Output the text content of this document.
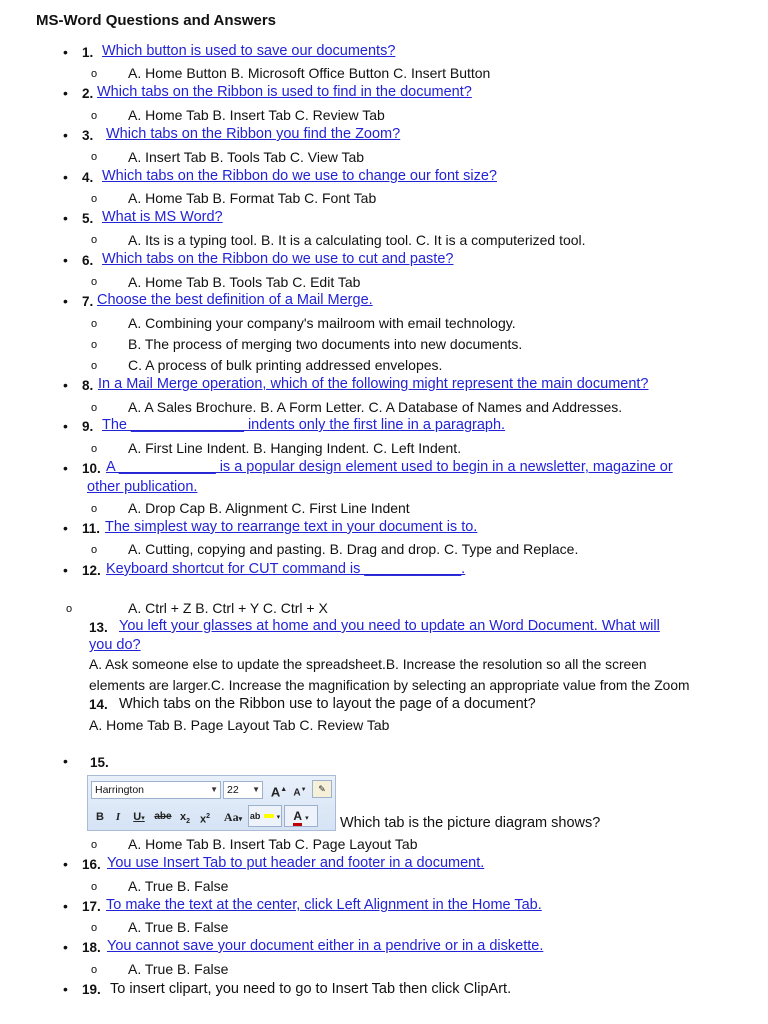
MS-Word Questions and Answers
• 1. Which button is used to save our documents?
o A. Home Button B. Microsoft Office Button C. Insert Button
• 2. Which tabs on the Ribbon is used to find in the document?
o A. Home Tab B. Insert Tab C. Review Tab
• 3. Which tabs on the Ribbon you find the Zoom?
o A. Insert Tab B. Tools Tab C. View Tab
• 4. Which tabs on the Ribbon do we use to change our font size?
o A. Home Tab B. Format Tab C. Font Tab
• 5. What is MS Word?
o A. Its is a typing tool. B. It is a calculating tool. C. It is a computerized tool.
• 6. Which tabs on the Ribbon do we use to cut and paste?
o A. Home Tab B. Tools Tab C. Edit Tab
• 7. Choose the best definition of a Mail Merge.
o A. Combining your company's mailroom with email technology.
o B. The process of merging two documents into new documents.
o C. A process of bulk printing addressed envelopes.
• 8. In a Mail Merge operation, which of the following might represent the main document?
o A. A Sales Brochure. B. A Form Letter. C. A Database of Names and Addresses.
• 9. The ______________ indents only the first line in a paragraph.
o A. First Line Indent. B. Hanging Indent. C. Left Indent.
• 10. A ____________ is a popular design element used to begin in a newsletter, magazine or
other publication.
o A. Drop Cap B. Alignment C. First Line Indent
• 11. The simplest way to rearrange text in your document is to.
o A. Cutting, copying and pasting. B. Drag and drop. C. Type and Replace.
• 12. Keyboard shortcut for CUT command is ____________.
o	A. Ctrl + Z B. Ctrl + Y C. Ctrl + X
13. You left your glasses at home and you need to update an Word Document. What will
you do?
A. Ask someone else to update the spreadsheet.B. Increase the resolution so all the screen
elements are larger.C. Increase the magnification by selecting an appropriate value from the Zoom
14. Which tabs on the Ribbon use to layout the page of a document?
A. Home Tab B. Page Layout Tab C. Review Tab
• 15.
Harrington	▼ 22 ▼ A▲ A▼	✎
B	I	U▾ abe $x_2$ $x^2$	Aa▾ ab ▾	A ▾	Which tab is the picture diagram shows?
o A. Home Tab B. Insert Tab C. Page Layout Tab
• 16. You use Insert Tab to put header and footer in a document.
o A. True B. False
• 17. To make the text at the center, click Left Alignment in the Home Tab.
o A. True B. False
• 18. You cannot save your document either in a pendrive or in a diskette.
o A. True B. False
• 19. To insert clipart, you need to go to Insert Tab then click ClipArt.
